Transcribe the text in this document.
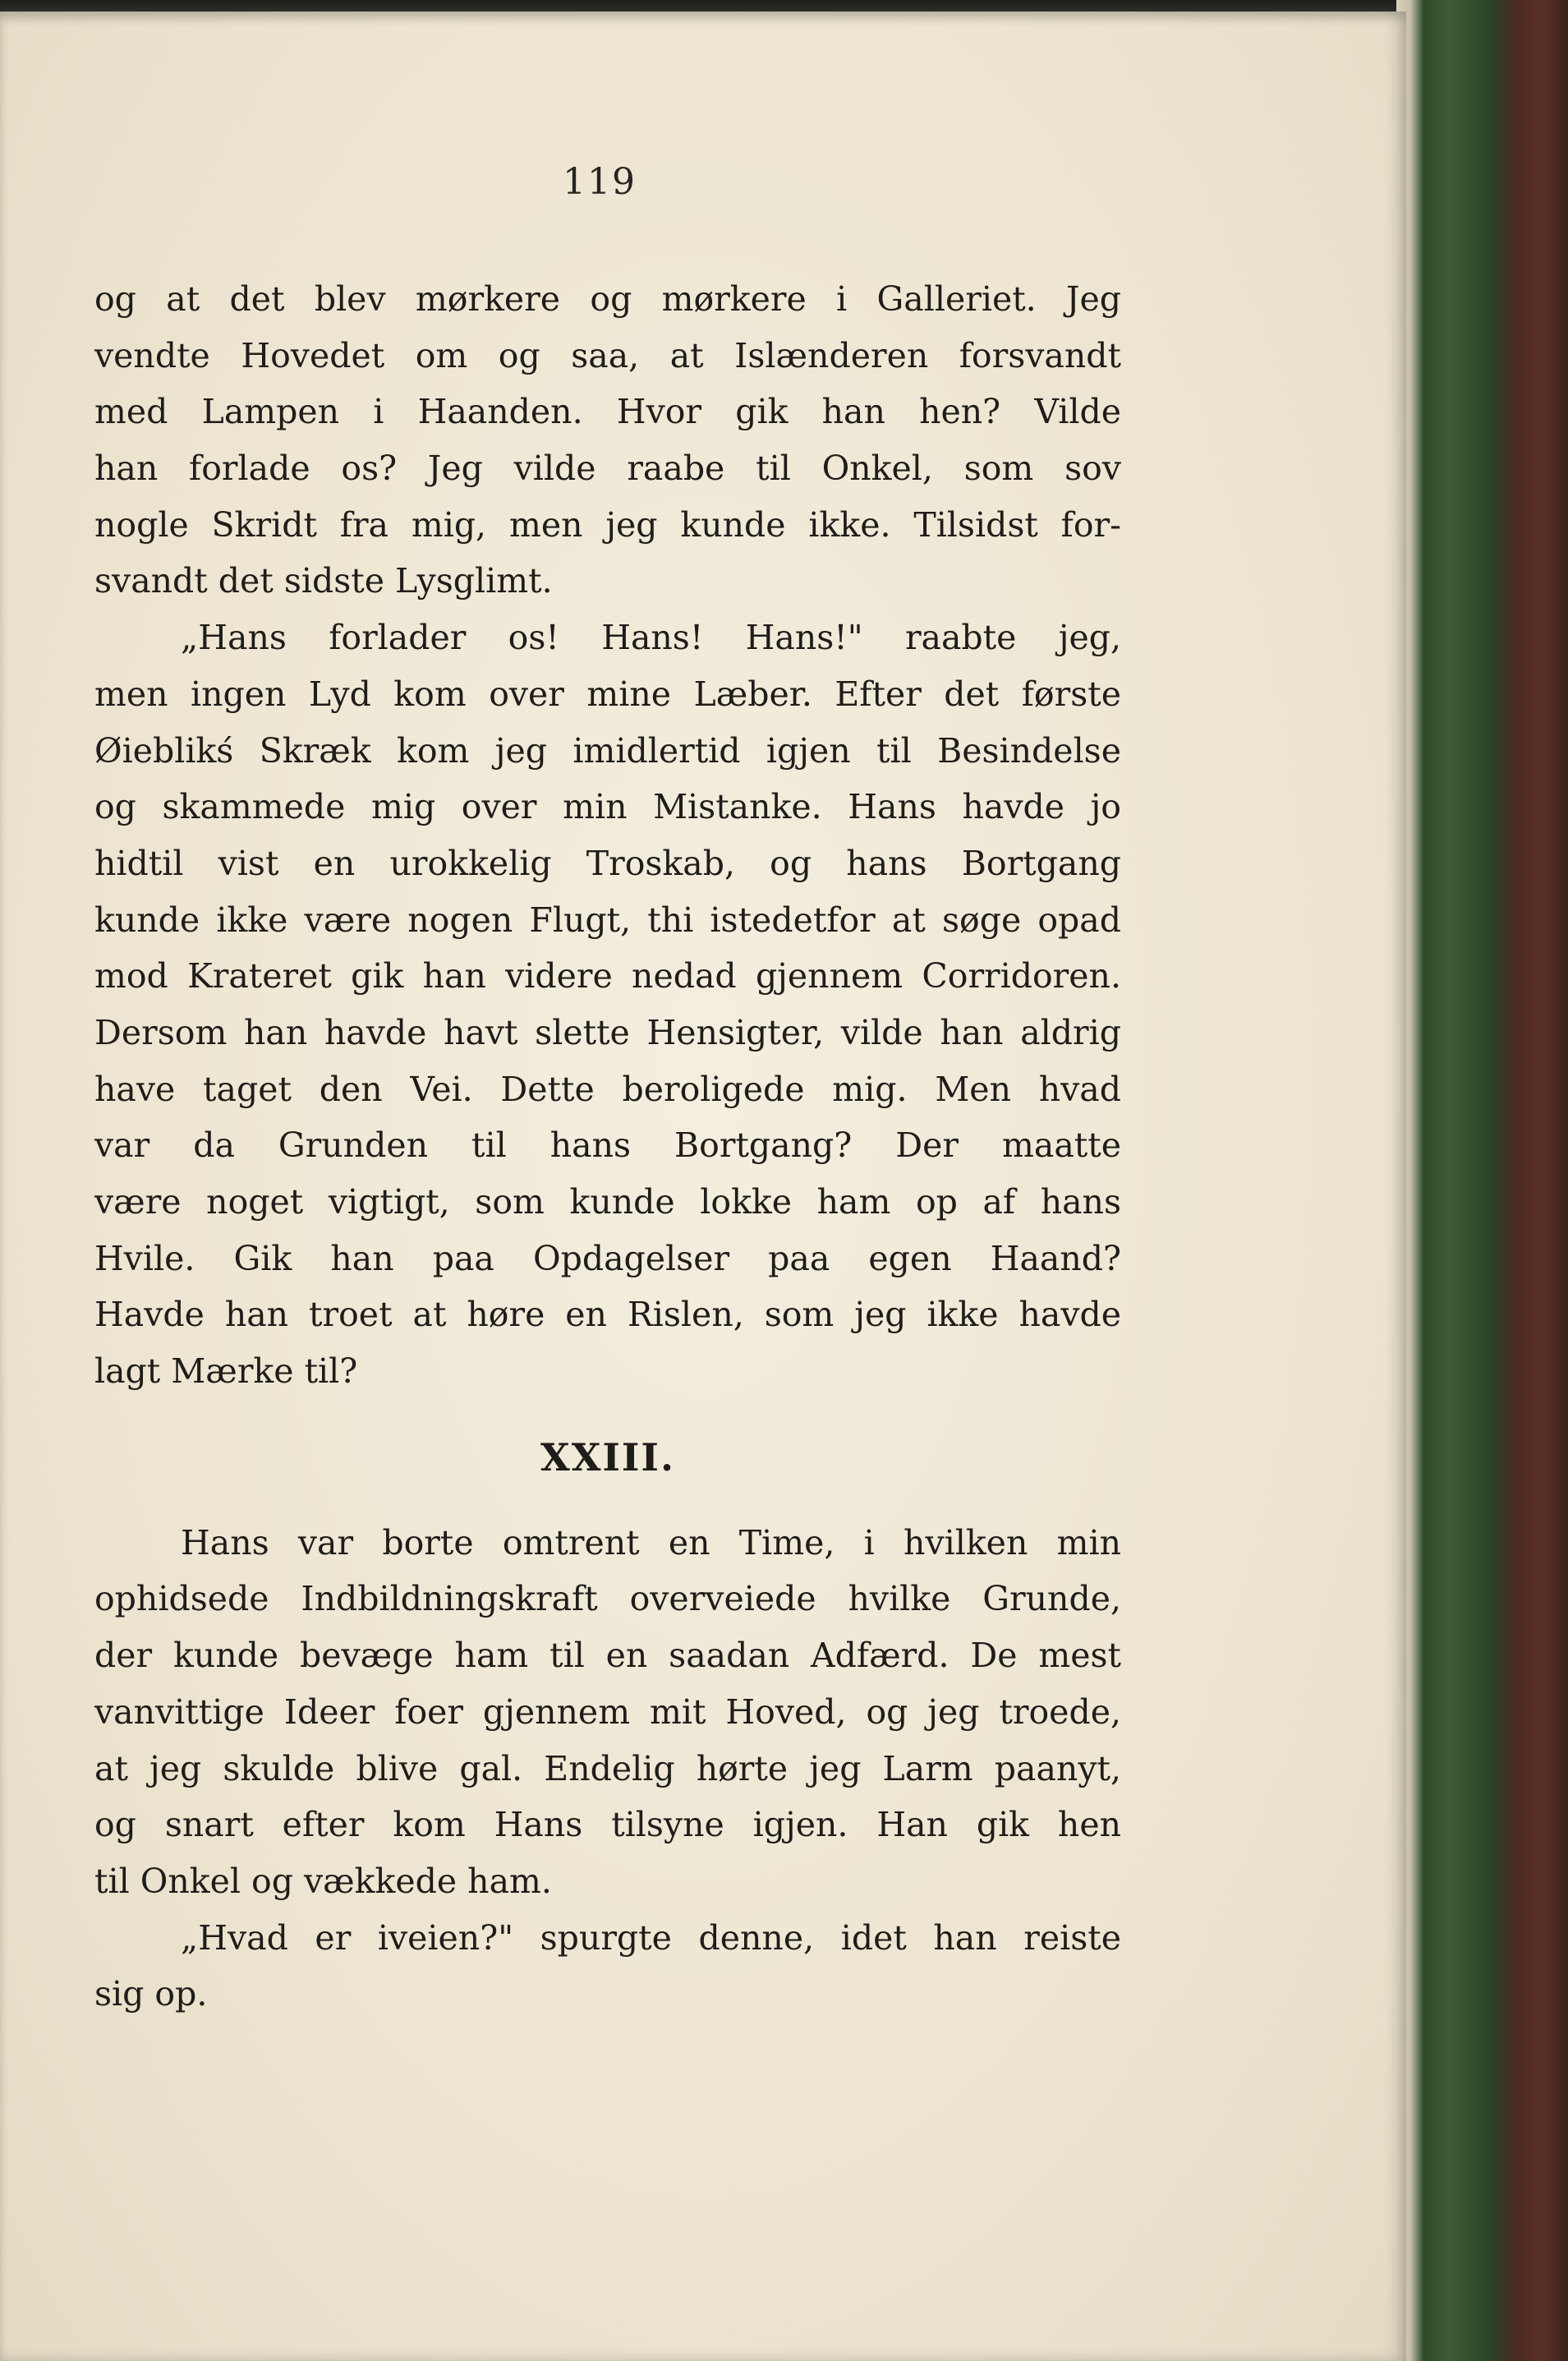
119
og at det blev mørkere og mørkere i Galleriet. Jeg
vendte Hovedet om og saa, at Islænderen forsvandt
med Lampen i Haanden. Hvor gik han hen? Vilde
han forlade os? Jeg vilde raabe til Onkel, som sov
nogle Skridt fra mig, men jeg kunde ikke. Tilsidst for-
svandt det sidste Lysglimt.
„Hans forlader os! Hans! Hans!" raabte jeg,
men ingen Lyd kom over mine Læber. Efter det første
Øieblikś Skræk kom jeg imidlertid igjen til Besindelse
og skammede mig over min Mistanke. Hans havde jo
hidtil vist en urokkelig Troskab, og hans Bortgang
kunde ikke være nogen Flugt, thi istedetfor at søge opad
mod Krateret gik han videre nedad gjennem Corridoren.
Dersom han havde havt slette Hensigter, vilde han aldrig
have taget den Vei. Dette beroligede mig. Men hvad
var da Grunden til hans Bortgang? Der maatte
være noget vigtigt, som kunde lokke ham op af hans
Hvile. Gik han paa Opdagelser paa egen Haand?
Havde han troet at høre en Rislen, som jeg ikke havde
lagt Mærke til?
XXIII.
Hans var borte omtrent en Time, i hvilken min
ophidsede Indbildningskraft overveiede hvilke Grunde,
der kunde bevæge ham til en saadan Adfærd. De mest
vanvittige Ideer foer gjennem mit Hoved, og jeg troede,
at jeg skulde blive gal. Endelig hørte jeg Larm paanyt,
og snart efter kom Hans tilsyne igjen. Han gik hen
til Onkel og vækkede ham.
„Hvad er iveien?" spurgte denne, idet han reiste
sig op.
